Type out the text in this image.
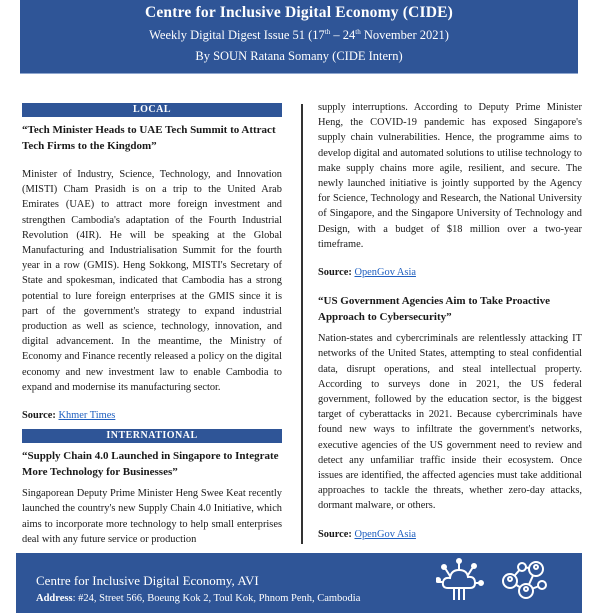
Centre for Inclusive Digital Economy (CIDE)
Weekly Digital Digest Issue 51 (17th – 24th November 2021)
By SOUN Ratana Somany (CIDE Intern)
LOCAL

“Tech Minister Heads to UAE Tech Summit to Attract Tech Firms to the Kingdom”

Minister of Industry, Science, Technology, and Innovation (MISTI) Cham Prasidh is on a trip to the United Arab Emirates (UAE) to attract more foreign investment and strengthen Cambodia's adaptation of the Fourth Industrial Revolution (4IR). He will be speaking at the Global Manufacturing and Industrialisation Summit for the fourth year in a row (GMIS). Heng Sokkong, MISTI's Secretary of State and spokesman, indicated that Cambodia has a strong potential to lure foreign enterprises at the GMIS since it is part of the government's strategy to expand industrial production as well as science, technology, innovation, and digital advancement. In the meantime, the Ministry of Economy and Finance recently released a policy on the digital economy and new investment law to enable Cambodia to expand and modernise its manufacturing sector.

Source: Khmer Times

INTERNATIONAL

“Supply Chain 4.0 Launched in Singapore to Integrate More Technology for Businesses”

Singaporean Deputy Prime Minister Heng Swee Keat recently launched the country's new Supply Chain 4.0 Initiative, which aims to incorporate more technology to help small enterprises deal with any future service or production

supply interruptions. According to Deputy Prime Minister Heng, the COVID-19 pandemic has exposed Singapore's supply chain vulnerabilities. Hence, the programme aims to develop digital and automated solutions to utilise technology to make supply chains more agile, resilient, and secure. The newly launched initiative is jointly supported by the Agency for Science, Technology and Research, the National University of Singapore, and the Singapore University of Technology and Design, with a budget of $18 million over a two-year timeframe.

Source: OpenGov Asia

“US Government Agencies Aim to Take Proactive Approach to Cybersecurity”

Nation-states and cybercriminals are relentlessly attacking IT networks of the United States, attempting to steal confidential data, disrupt operations, and steal intellectual property. According to surveys done in 2021, the US federal government, followed by the education sector, is the biggest target of cyberattacks in 2021. Because cybercriminals have found new ways to infiltrate the government's networks, executive agencies of the US government need to review and detect any unfamiliar traffic inside their ecosystem. Once issues are identified, the affected agencies must take additional approaches to tackle the threats, whether zero-day attacks, dormant malware, or others.

Source: OpenGov Asia

Centre for Inclusive Digital Economy, AVI
Address: #24, Street 566, Boeung Kok 2, Toul Kok, Phnom Penh, Cambodia
